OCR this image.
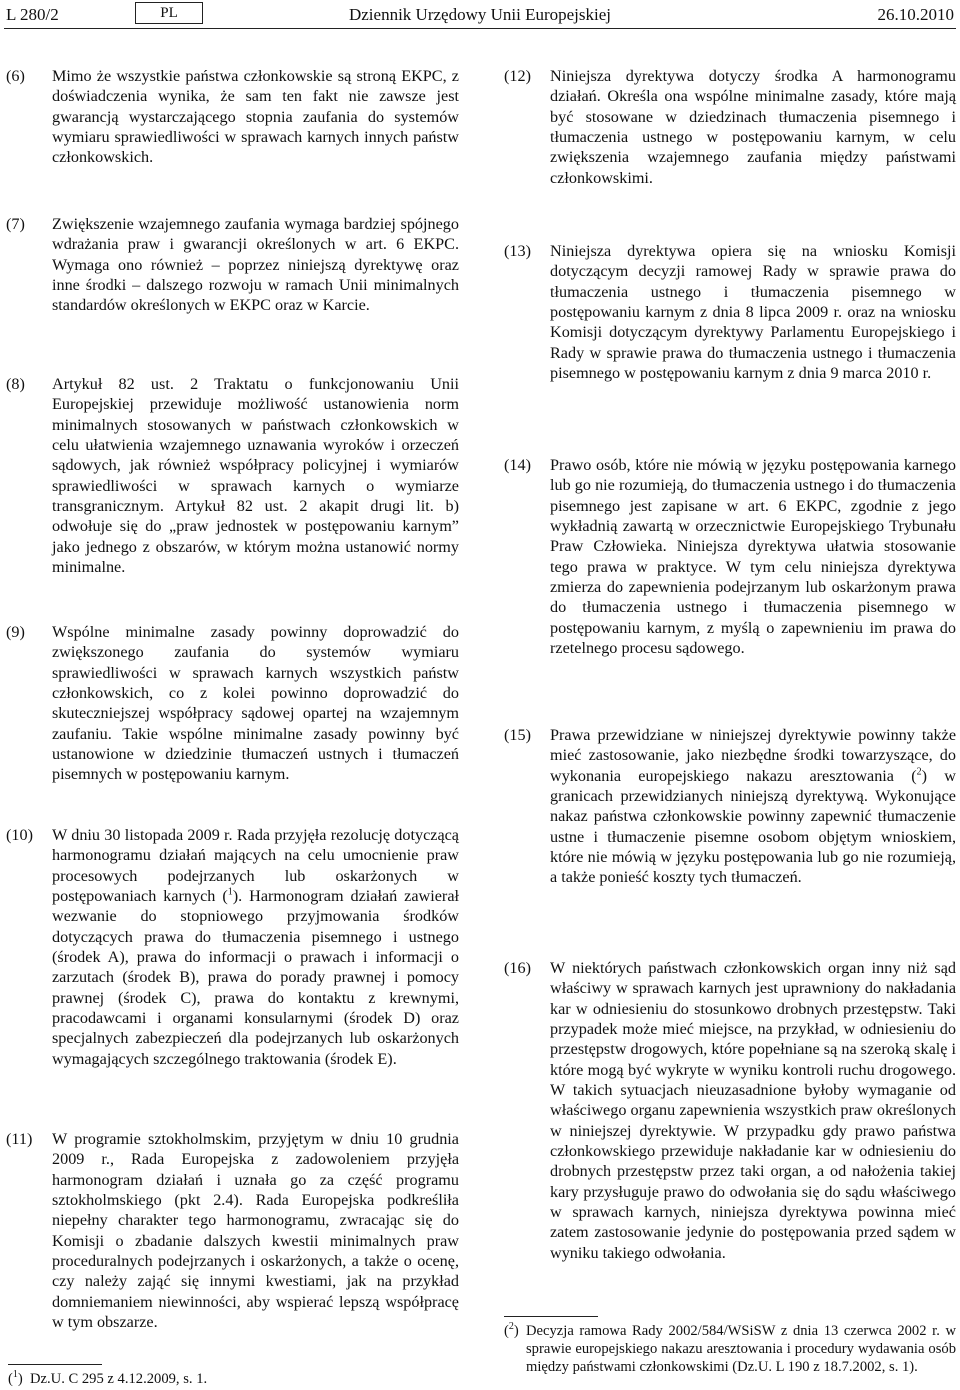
Dziennik Urzędowy Unii Europejskiej
L 280/2	PL	26.10.2010
(6)	Mimo że wszystkie państwa członkowskie są stroną EKPC, z doświadczenia wynika, że sam ten fakt nie zawsze jest gwarancją wystarczającego stopnia zaufania do systemów wymiaru sprawiedliwości w sprawach karnych innych państw członkowskich.
(7)	Zwiększenie wzajemnego zaufania wymaga bardziej spójnego wdrażania praw i gwarancji określonych w art. 6 EKPC. Wymaga ono również – poprzez niniejszą dyrektywę oraz inne środki – dalszego rozwoju w ramach Unii minimalnych standardów określonych w EKPC oraz w Karcie.
(8)	Artykuł 82 ust. 2 Traktatu o funkcjonowaniu Unii Europejskiej przewiduje możliwość ustanowienia norm minimalnych stosowanych w państwach członkowskich w celu ułatwienia wzajemnego uznawania wyroków i orzeczeń sądowych, jak również współpracy policyjnej i wymiarów sprawiedliwości w sprawach karnych o wymiarze transgranicznym. Artykuł 82 ust. 2 akapit drugi lit. b) odwołuje się do „praw jednostek w postępowaniu karnym” jako jednego z obszarów, w którym można ustanowić normy minimalne.
(9)	Wspólne minimalne zasady powinny doprowadzić do zwiększonego zaufania do systemów wymiaru sprawiedliwości w sprawach karnych wszystkich państw członkowskich, co z kolei powinno doprowadzić do skuteczniejszej współpracy sądowej opartej na wzajemnym zaufaniu. Takie wspólne minimalne zasady powinny być ustanowione w dziedzinie tłumaczeń ustnych i tłumaczeń pisemnych w postępowaniu karnym.
(10)	W dniu 30 listopada 2009 r. Rada przyjęła rezolucję dotyczącą harmonogramu działań mających na celu umocnienie praw procesowych podejrzanych lub oskarżonych w postępowaniach karnych ($^1$). Harmonogram działań zawierał wezwanie do stopniowego przyjmowania środków dotyczących prawa do tłumaczenia pisemnego i ustnego (środek A), prawa do informacji o prawach i informacji o zarzutach (środek B), prawa do porady prawnej i pomocy prawnej (środek C), prawa do kontaktu z krewnymi, pracodawcami i organami konsularnymi (środek D) oraz specjalnych zabezpieczeń dla podejrzanych lub oskarżonych wymagających szczególnego traktowania (środek E).
(11)	W programie sztokholmskim, przyjętym w dniu 10 grudnia 2009 r., Rada Europejska z zadowoleniem przyjęła harmonogram działań i uznała go za część programu sztokholmskiego (pkt 2.4). Rada Europejska podkreśliła niepełny charakter tego harmonogramu, zwracając się do Komisji o zbadanie dalszych kwestii minimalnych praw proceduralnych podejrzanych i oskarżonych, a także o ocenę, czy należy zająć się innymi kwestiami, jak na przykład domniemaniem niewinności, aby wspierać lepszą współpracę w tym obszarze.
($^1$) Dz.U. C 295 z 4.12.2009, s. 1.
(12)	Niniejsza dyrektywa dotyczy środka A harmonogramu działań. Określa ona wspólne minimalne zasady, które mają być stosowane w dziedzinach tłumaczenia pisemnego i tłumaczenia ustnego w postępowaniu karnym, w celu zwiększenia wzajemnego zaufania między państwami członkowskimi.
(13)	Niniejsza dyrektywa opiera się na wniosku Komisji dotyczącym decyzji ramowej Rady w sprawie prawa do tłumaczenia ustnego i tłumaczenia pisemnego w postępowaniu karnym z dnia 8 lipca 2009 r. oraz na wniosku Komisji dotyczącym dyrektywy Parlamentu Europejskiego i Rady w sprawie prawa do tłumaczenia ustnego i tłumaczenia pisemnego w postępowaniu karnym z dnia 9 marca 2010 r.
(14)	Prawo osób, które nie mówią w języku postępowania karnego lub go nie rozumieją, do tłumaczenia ustnego i do tłumaczenia pisemnego jest zapisane w art. 6 EKPC, zgodnie z jego wykładnią zawartą w orzecznictwie Europejskiego Trybunału Praw Człowieka. Niniejsza dyrektywa ułatwia stosowanie tego prawa w praktyce. W tym celu niniejsza dyrektywa zmierza do zapewnienia podejrzanym lub oskarżonym prawa do tłumaczenia ustnego i tłumaczenia pisemnego w postępowaniu karnym, z myślą o zapewnieniu im prawa do rzetelnego procesu sądowego.
(15)	Prawa przewidziane w niniejszej dyrektywie powinny także mieć zastosowanie, jako niezbędne środki towarzyszące, do wykonania europejskiego nakazu aresztowania ($^2$) w granicach przewidzianych niniejszą dyrektywą. Wykonujące nakaz państwa członkowskie powinny zapewnić tłumaczenie ustne i tłumaczenie pisemne osobom objętym wnioskiem, które nie mówią w języku postępowania lub go nie rozumieją, a także ponieść koszty tych tłumaczeń.
(16)	W niektórych państwach członkowskich organ inny niż sąd właściwy w sprawach karnych jest uprawniony do nakładania kar w odniesieniu do stosunkowo drobnych przestępstw. Taki przypadek może mieć miejsce, na przykład, w odniesieniu do przestępstw drogowych, które popełniane są na szeroką skalę i które mogą być wykryte w wyniku kontroli ruchu drogowego. W takich sytuacjach nieuzasadnione byłoby wymaganie od właściwego organu zapewnienia wszystkich praw określonych w niniejszej dyrektywie. W przypadku gdy prawo państwa członkowskiego przewiduje nakładanie kar w odniesieniu do drobnych przestępstw przez taki organ, a od nałożenia takiej kary przysługuje prawo do odwołania się do sądu właściwego w sprawach karnych, niniejsza dyrektywa powinna mieć zatem zastosowanie jedynie do postępowania przed sądem w wyniku takiego odwołania.
($^2$) Decyzja ramowa Rady 2002/584/WSiSW z dnia 13 czerwca 2002 r. w sprawie europejskiego nakazu aresztowania i procedury wydawania osób między państwami członkowskimi (Dz.U. L 190 z 18.7.2002, s. 1).
